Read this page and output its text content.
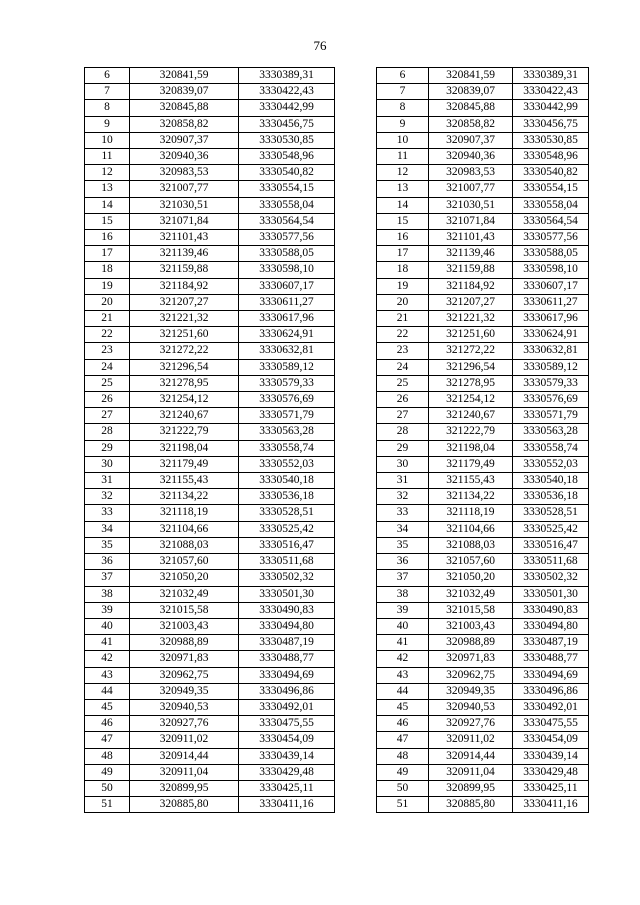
76
6	320841,59	3330389,31
7	320839,07	3330422,43
8	320845,88	3330442,99
9	320858,82	3330456,75
10	320907,37	3330530,85
11	320940,36	3330548,96
12	320983,53	3330540,82
13	321007,77	3330554,15
14	321030,51	3330558,04
15	321071,84	3330564,54
16	321101,43	3330577,56
17	321139,46	3330588,05
18	321159,88	3330598,10
19	321184,92	3330607,17
20	321207,27	3330611,27
21	321221,32	3330617,96
22	321251,60	3330624,91
23	321272,22	3330632,81
24	321296,54	3330589,12
25	321278,95	3330579,33
26	321254,12	3330576,69
27	321240,67	3330571,79
28	321222,79	3330563,28
29	321198,04	3330558,74
30	321179,49	3330552,03
31	321155,43	3330540,18
32	321134,22	3330536,18
33	321118,19	3330528,51
34	321104,66	3330525,42
35	321088,03	3330516,47
36	321057,60	3330511,68
37	321050,20	3330502,32
38	321032,49	3330501,30
39	321015,58	3330490,83
40	321003,43	3330494,80
41	320988,89	3330487,19
42	320971,83	3330488,77
43	320962,75	3330494,69
44	320949,35	3330496,86
45	320940,53	3330492,01
46	320927,76	3330475,55
47	320911,02	3330454,09
48	320914,44	3330439,14
49	320911,04	3330429,48
50	320899,95	3330425,11
51	320885,80	3330411,16
6	320841,59	3330389,31
7	320839,07	3330422,43
8	320845,88	3330442,99
9	320858,82	3330456,75
10	320907,37	3330530,85
11	320940,36	3330548,96
12	320983,53	3330540,82
13	321007,77	3330554,15
14	321030,51	3330558,04
15	321071,84	3330564,54
16	321101,43	3330577,56
17	321139,46	3330588,05
18	321159,88	3330598,10
19	321184,92	3330607,17
20	321207,27	3330611,27
21	321221,32	3330617,96
22	321251,60	3330624,91
23	321272,22	3330632,81
24	321296,54	3330589,12
25	321278,95	3330579,33
26	321254,12	3330576,69
27	321240,67	3330571,79
28	321222,79	3330563,28
29	321198,04	3330558,74
30	321179,49	3330552,03
31	321155,43	3330540,18
32	321134,22	3330536,18
33	321118,19	3330528,51
34	321104,66	3330525,42
35	321088,03	3330516,47
36	321057,60	3330511,68
37	321050,20	3330502,32
38	321032,49	3330501,30
39	321015,58	3330490,83
40	321003,43	3330494,80
41	320988,89	3330487,19
42	320971,83	3330488,77
43	320962,75	3330494,69
44	320949,35	3330496,86
45	320940,53	3330492,01
46	320927,76	3330475,55
47	320911,02	3330454,09
48	320914,44	3330439,14
49	320911,04	3330429,48
50	320899,95	3330425,11
51	320885,80	3330411,16
